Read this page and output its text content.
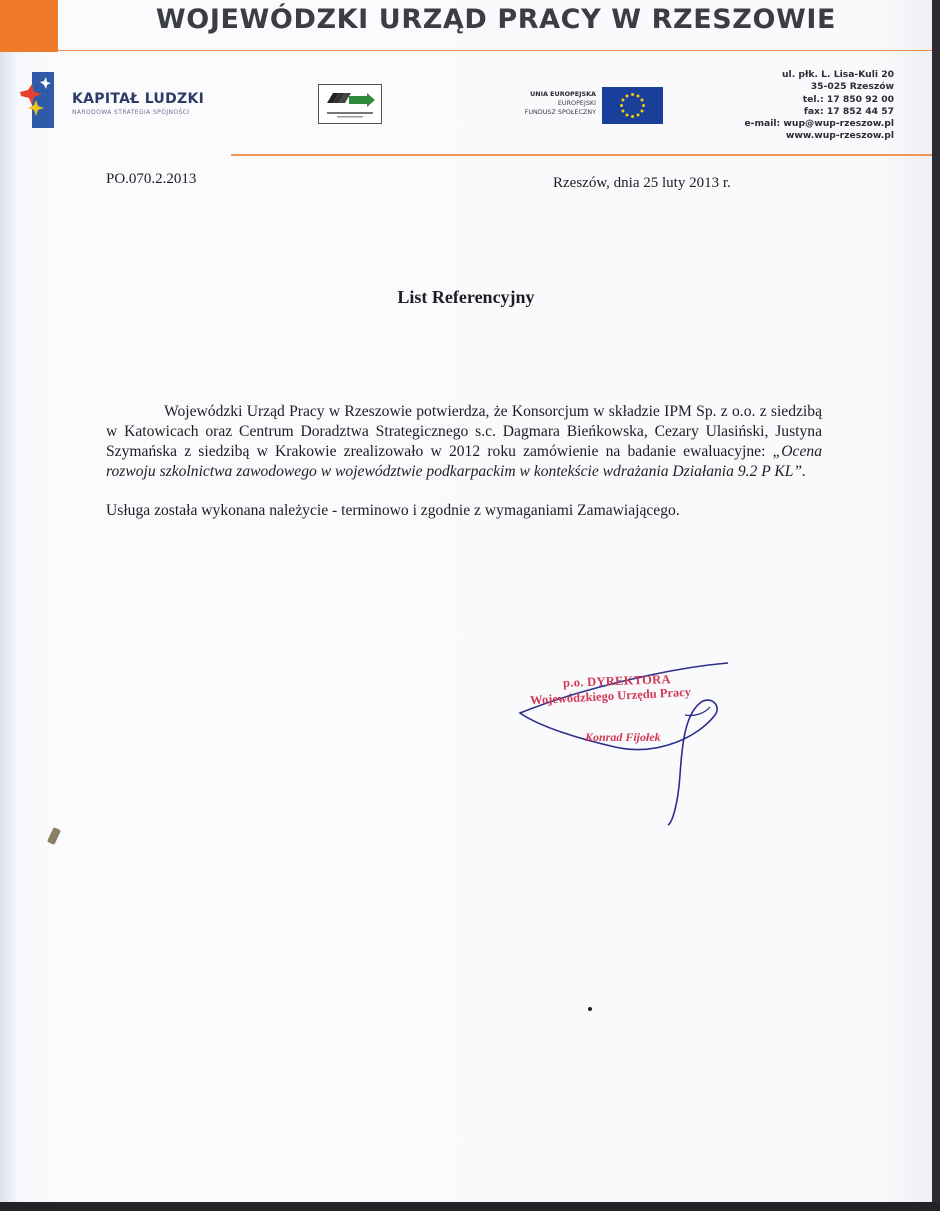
WOJEWÓDZKI URZĄD PRACY W RZESZOWIE
KAPITAŁ LUDZKI
NARODOWA STRATEGIA SPÓJNOŚCI
UNIA EUROPEJSKA
EUROPEJSKI
FUNDUSZ SPOŁECZNY
ul. płk. L. Lisa-Kuli 20
35-025 Rzeszów
tel.: 17 850 92 00
fax: 17 852 44 57
e-mail: wup@wup-rzeszow.pl
www.wup-rzeszow.pl
PO.070.2.2013	Rzeszów, dnia 25 luty 2013 r.
List Referencyjny

Wojewódzki Urząd Pracy w Rzeszowie potwierdza, że Konsorcjum w składzie IPM Sp. z o.o. z siedzibą w Katowicach oraz Centrum Doradztwa Strategicznego s.c. Dagmara Bieńkowska, Cezary Ulasiński, Justyna Szymańska z siedzibą w Krakowie zrealizowało w 2012 roku zamówienie na badanie ewaluacyjne: „Ocena rozwoju szkolnictwa zawodowego w województwie podkarpackim w kontekście wdrażania Działania 9.2 P KL”.

Usługa została wykonana należycie - terminowo i zgodnie z wymaganiami Zamawiającego.

p.o. DYREKTORA
Wojewódzkiego Urzędu Pracy
Konrad Fijołek
